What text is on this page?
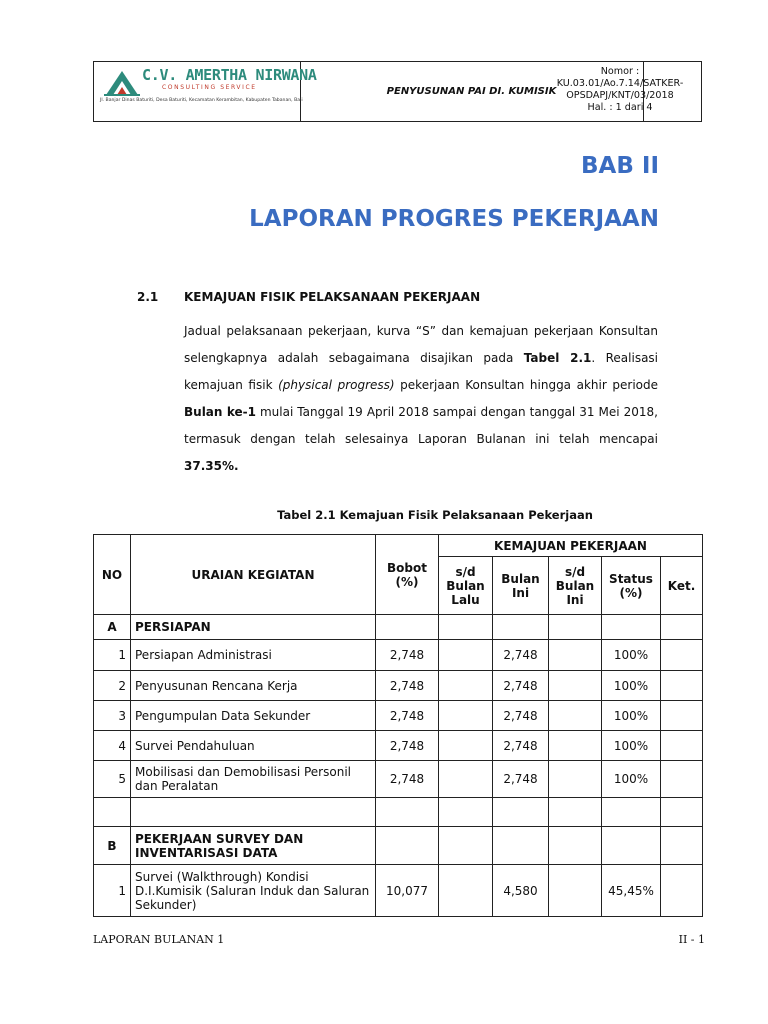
C.V. AMERTHA NIRWANA
CONSULTING SERVICE
Jl. Banjar Dinas Baturiti, Desa Baturiti, Kecamatan Kerambitan, Kabupaten Tabanan, Bali
PENYUSUNAN PAI DI. KUMISIK
Nomor :
KU.03.01/Ao.7.14/SATKER-
OPSDAPJ/KNT/03/2018
Hal. : 1 dari 4
BAB II
LAPORAN PROGRES PEKERJAAN
2.1 KEMAJUAN FISIK PELAKSANAAN PEKERJAAN
Jadual pelaksanaan pekerjaan, kurva “S” dan kemajuan pekerjaan Konsultan selengkapnya adalah sebagaimana disajikan pada Tabel 2.1. Realisasi kemajuan fisik (physical progress) pekerjaan Konsultan hingga akhir periode Bulan ke-1 mulai Tanggal 19 April 2018 sampai dengan tanggal 31 Mei 2018, termasuk dengan telah selesainya Laporan Bulanan ini telah mencapai 37.35%.
Tabel 2.1 Kemajuan Fisik Pelaksanaan Pekerjaan
NO	URAIAN KEGIATAN	Bobot (%)	KEMAJUAN PEKERJAAN				
			s/d Bulan Lalu	Bulan Ini	s/d Bulan Ini	Status (%)	Ket.
A	PERSIAPAN						
1	Persiapan Administrasi	2,748		2,748		100%	
2	Penyusunan Rencana Kerja	2,748		2,748		100%	
3	Pengumpulan Data Sekunder	2,748		2,748		100%	
4	Survei Pendahuluan	2,748		2,748		100%	
5	Mobilisasi dan Demobilisasi Personil dan Peralatan	2,748		2,748		100%	

B	PEKERJAAN SURVEY DAN INVENTARISASI DATA						
1	Survei (Walkthrough) Kondisi D.I.Kumisik (Saluran Induk dan Saluran Sekunder)	10,077		4,580		45,45%	
LAPORAN BULANAN 1	II - 1
